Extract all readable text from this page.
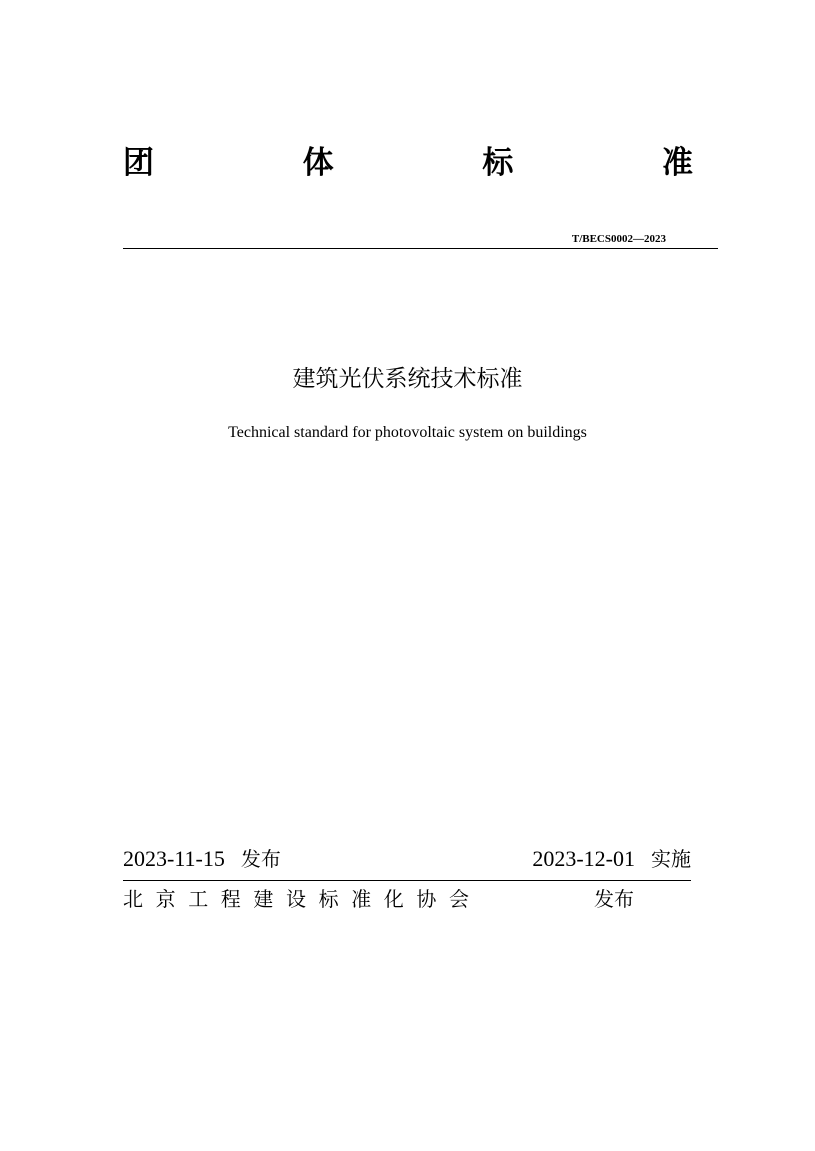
团	体	标	准
T/BECS0002—2023
建筑光伏系统技术标准
Technical standard for photovoltaic system on buildings
2023-11-15 发布	2023-12-01 实施
北京工程建设标准化协会	发布
